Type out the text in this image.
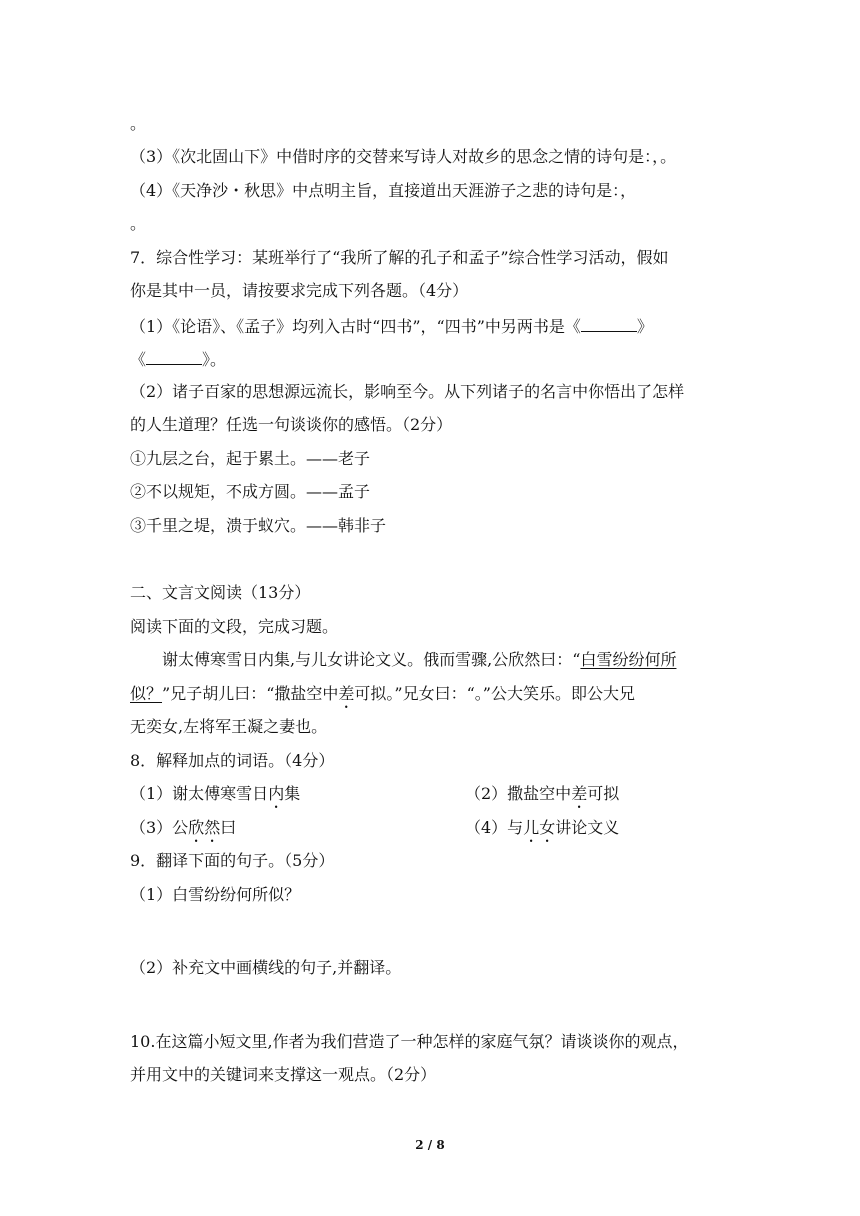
。
（3）《次北固山下》中借时序的交替来写诗人对故乡的思念之情的诗句是：，。
（4）《天净沙・秋思》中点明主旨，直接道出天涯游子之悲的诗句是：，
。
7．综合性学习：某班举行了“我所了解的孔子和孟子”综合性学习活动，假如
你是其中一员，请按要求完成下列各题。（4分）
（1）《论语》、《孟子》均列入古时“四书”，“四书”中另两书是《	》
《	》。
（2）诸子百家的思想源远流长，影响至今。从下列诸子的名言中你悟出了怎样
的人生道理？任选一句谈谈你的感悟。（2分）
①九层之台，起于累土。——老子
②不以规矩，不成方圆。——孟子
③千里之堤，溃于蚁穴。——韩非子
二、文言文阅读（13分）
阅读下面的文段，完成习题。
谢太傅寒雪日内集,与儿女讲论文义。俄而雪骤,公欣然曰：“白雪纷纷何所
似？”兄子胡儿曰：“撒盐空中差可拟。”兄女曰：“。”公大笑乐。即公大兄
无奕女,左将军王凝之妻也。
8．解释加点的词语。（4分）
（1）谢太傅寒雪日内集	（2）撒盐空中差可拟
（3）公欣然曰	（4）与儿女讲论文义
9．翻译下面的句子。（5分）
（1）白雪纷纷何所似？
（2）补充文中画横线的句子,并翻译。
10.在这篇小短文里,作者为我们营造了一种怎样的家庭气氛？请谈谈你的观点，
并用文中的关键词来支撑这一观点。（2分）
2 / 8
